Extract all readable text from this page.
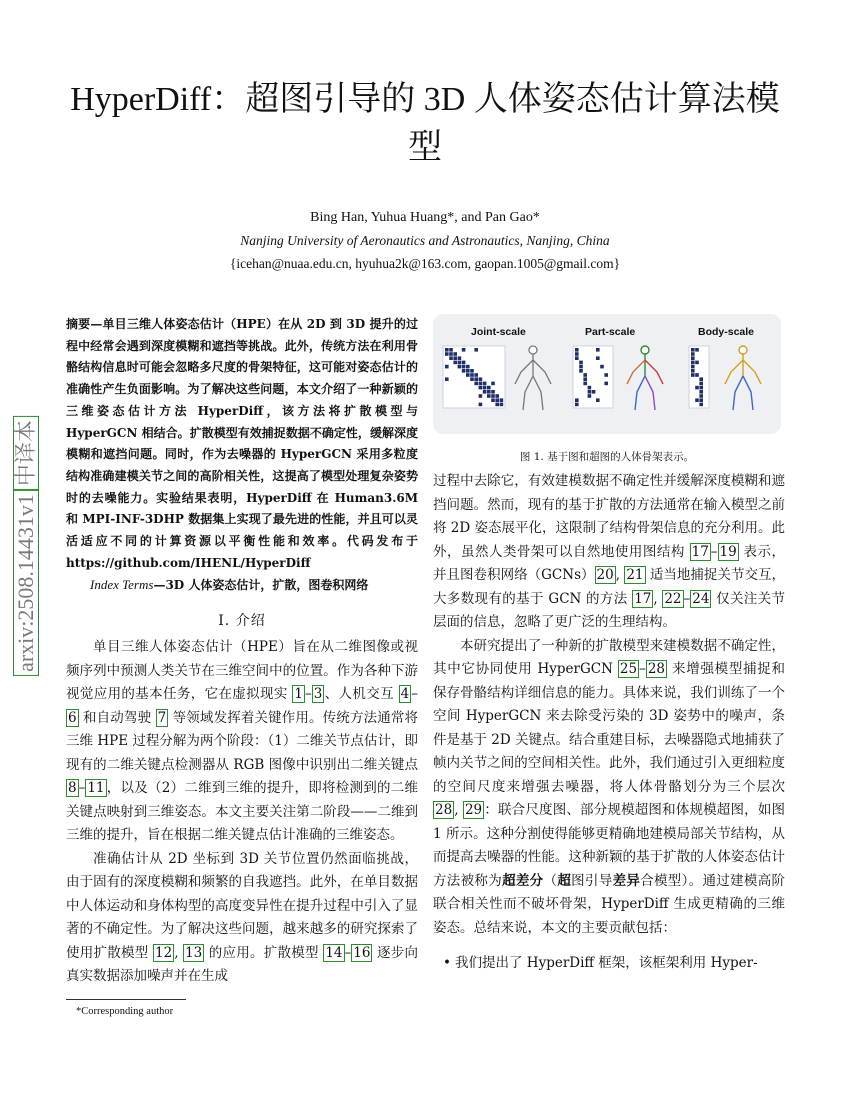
arxiv:2508.14431v1中译本
HyperDiff：超图引导的 3D 人体姿态估计算法模型
Bing Han, Yuhua Huang*, and Pan Gao*
Nanjing University of Aeronautics and Astronautics, Nanjing, China
{icehan@nuaa.edu.cn, hyuhua2k@163.com, gaopan.1005@gmail.com}
摘要—单目三维人体姿态估计（HPE）在从 2D 到 3D 提升的过程中经常会遇到深度模糊和遮挡等挑战。此外，传统方法在利用骨骼结构信息时可能会忽略多尺度的骨架特征，这可能对姿态估计的准确性产生负面影响。为了解决这些问题，本文介绍了一种新颖的三维姿态估计方法 HyperDiff，该方法将扩散模型与 HyperGCN 相结合。扩散模型有效捕捉数据不确定性，缓解深度模糊和遮挡问题。同时，作为去噪器的 HyperGCN 采用多粒度结构准确建模关节之间的高阶相关性，这提高了模型处理复杂姿势时的去噪能力。实验结果表明，HyperDiff 在 Human3.6M 和 MPI-INF-3DHP 数据集上实现了最先进的性能，并且可以灵活适应不同的计算资源以平衡性能和效率。代码发布于 https://github.com/IHENL/HyperDiff
Index Terms—3D 人体姿态估计，扩散，图卷积网络
I. 介绍
单目三维人体姿态估计（HPE）旨在从二维图像或视频序列中预测人类关节在三维空间中的位置。作为各种下游视觉应用的基本任务，它在虚拟现实 1 – 3 、人机交互 4 –6 和自动驾驶 7 等领域发挥着关键作用。传统方法通常将三维 HPE 过程分解为两个阶段：（1）二维关节点估计，即现有的二维关键点检测器从 RGB 图像中识别出二维关键点 8 – 11 ，以及（2）二维到三维的提升，即将检测到的二维关键点映射到三维姿态。本文主要关注第二阶段——二维到三维的提升，旨在根据二维关键点估计准确的三维姿态。
准确估计从 2D 坐标到 3D 关节位置仍然面临挑战，由于固有的深度模糊和频繁的自我遮挡。此外，在单目数据中人体运动和身体构型的高度变异性在提升过程中引入了显著的不确定性。为了解决这些问题，越来越多的研究探索了使用扩散模型 12 , 13 的应用。扩散模型 14 – 16 逐步向真实数据添加噪声并在生成
*Corresponding author
Joint-scale	Part-scale	Body-scale
图 1. 基于图和超图的人体骨架表示。
过程中去除它，有效建模数据不确定性并缓解深度模糊和遮挡问题。然而，现有的基于扩散的方法通常在输入模型之前将 2D 姿态展平化，这限制了结构骨架信息的充分利用。此外，虽然人类骨架可以自然地使用图结构 17 – 19 表示，并且图卷积网络（GCNs） 20 , 21 适当地捕捉关节交互，大多数现有的基于 GCN 的方法 17 , 22 – 24 仅关注关节层面的信息，忽略了更广泛的生理结构。
本研究提出了一种新的扩散模型来建模数据不确定性，其中它协同使用 HyperGCN 25 – 28 来增强模型捕捉和保存骨骼结构详细信息的能力。具体来说，我们训练了一个空间 HyperGCN 来去除受污染的 3D 姿势中的噪声，条件是基于 2D 关键点。结合重建目标，去噪器隐式地捕获了帧内关节之间的空间相关性。此外，我们通过引入更细粒度的空间尺度来增强去噪器，将人体骨骼划分为三个层次 28 , 29 ：联合尺度图、部分规模超图和体规模超图，如图 1 所示。这种分割使得能够更精确地建模局部关节结构，从而提高去噪器的性能。这种新颖的基于扩散的人体姿态估计方法被称为超差分（超图引导差异合模型）。通过建模高阶联合相关性而不破坏骨架，HyperDiff 生成更精确的三维姿态。总结来说，本文的主要贡献包括：
• 我们提出了 HyperDiff 框架，该框架利用 Hyper-
